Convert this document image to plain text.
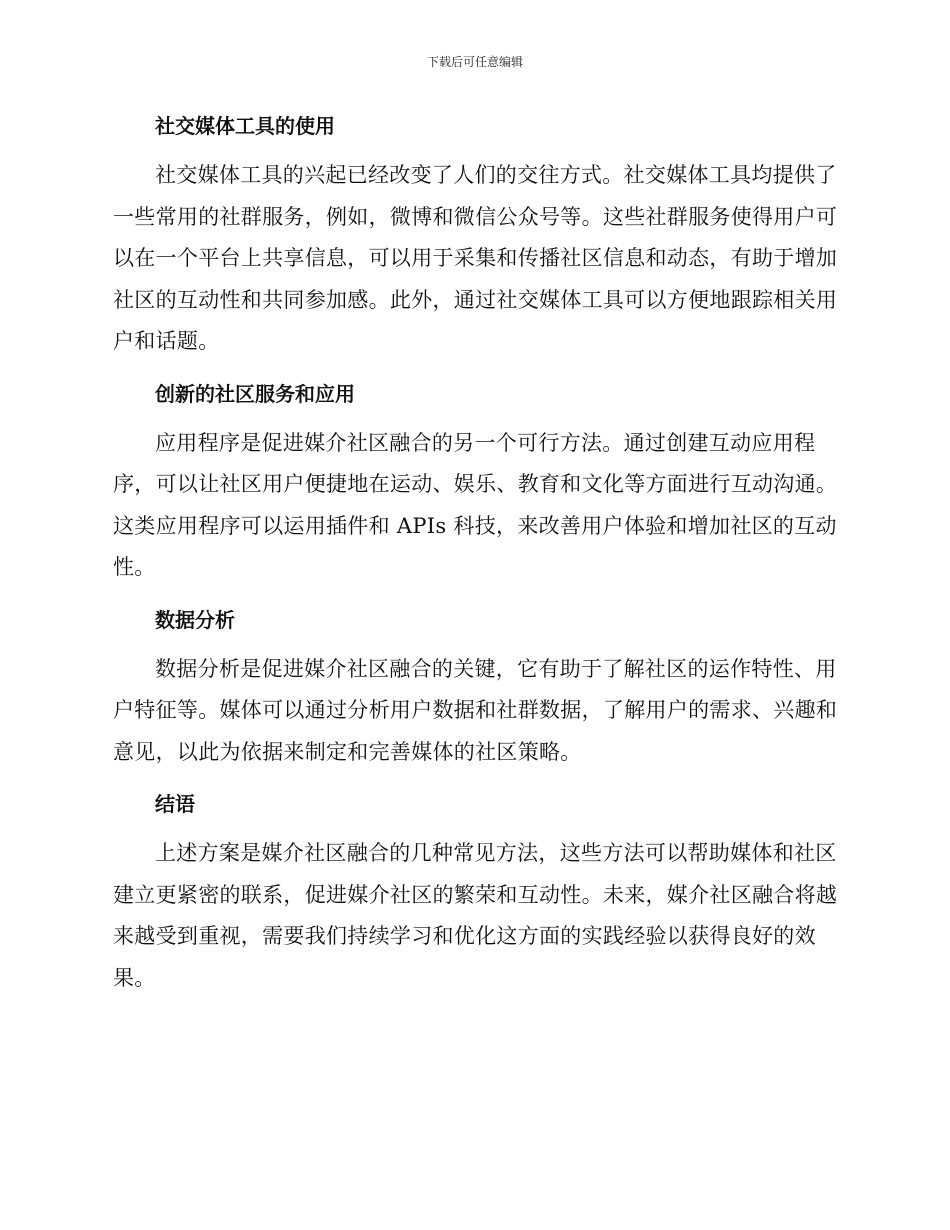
下载后可任意编辑
社交媒体工具的使用

社交媒体工具的兴起已经改变了人们的交往方式。社交媒体工具均提供了一些常用的社群服务，例如，微博和微信公众号等。这些社群服务使得用户可以在一个平台上共享信息，可以用于采集和传播社区信息和动态，有助于增加社区的互动性和共同参加感。此外，通过社交媒体工具可以方便地跟踪相关用户和话题。

创新的社区服务和应用

应用程序是促进媒介社区融合的另一个可行方法。通过创建互动应用程序，可以让社区用户便捷地在运动、娱乐、教育和文化等方面进行互动沟通。这类应用程序可以运用插件和 APIs 科技，来改善用户体验和增加社区的互动性。

数据分析

数据分析是促进媒介社区融合的关键，它有助于了解社区的运作特性、用户特征等。媒体可以通过分析用户数据和社群数据，了解用户的需求、兴趣和意见，以此为依据来制定和完善媒体的社区策略。

结语

上述方案是媒介社区融合的几种常见方法，这些方法可以帮助媒体和社区建立更紧密的联系，促进媒介社区的繁荣和互动性。未来，媒介社区融合将越来越受到重视，需要我们持续学习和优化这方面的实践经验以获得良好的效果。
